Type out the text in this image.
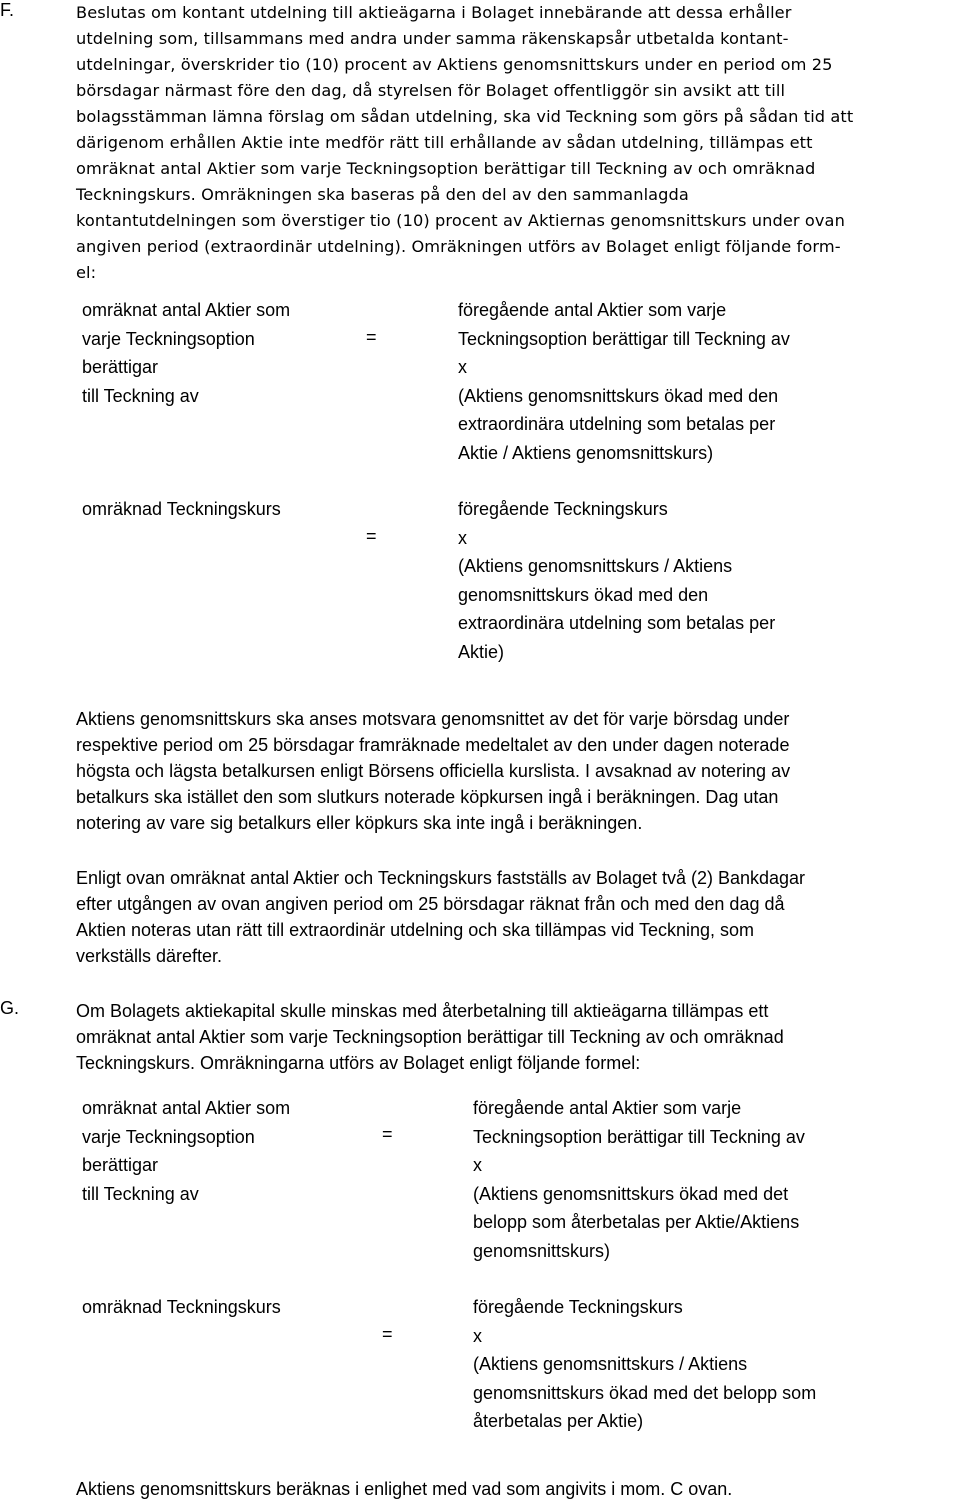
F.	Beslutas om kontant utdelning till aktieägarna i Bolaget innebärande att dessa erhåller
utdelning som, tillsammans med andra under samma räkenskapsår utbetalda kontant-
utdelningar, överskrider tio (10) procent av Aktiens genomsnittskurs under en period om 25
börsdagar närmast före den dag, då styrelsen för Bolaget offentliggör sin avsikt att till
bolagsstämman lämna förslag om sådan utdelning, ska vid Teckning som görs på sådan tid att
därigenom erhållen Aktie inte medför rätt till erhållande av sådan utdelning, tillämpas ett
omräknat antal Aktier som varje Teckningsoption berättigar till Teckning av och omräknad
Teckningskurs. Omräkningen ska baseras på den del av den sammanlagda
kontantutdelningen som överstiger tio (10) procent av Aktiernas genomsnittskurs under ovan
angiven period (extraordinär utdelning). Omräkningen utförs av Bolaget enligt följande form-
el:
omräknat antal Aktier som
varje Teckningsoption
berättigar
till Teckning av
=
föregående antal Aktier som varje
Teckningsoption berättigar till Teckning av
x
(Aktiens genomsnittskurs ökad med den
extraordinära utdelning som betalas per
Aktie / Aktiens genomsnittskurs)
omräknad Teckningskurs
=
föregående Teckningskurs
x
(Aktiens genomsnittskurs / Aktiens
genomsnittskurs ökad med den
extraordinära utdelning som betalas per
Aktie)
Aktiens genomsnittskurs ska anses motsvara genomsnittet av det för varje börsdag under
respektive period om 25 börsdagar framräknade medeltalet av den under dagen noterade
högsta och lägsta betalkursen enligt Börsens officiella kurslista. I avsaknad av notering av
betalkurs ska istället den som slutkurs noterade köpkursen ingå i beräkningen. Dag utan
notering av vare sig betalkurs eller köpkurs ska inte ingå i beräkningen.
Enligt ovan omräknat antal Aktier och Teckningskurs fastställs av Bolaget två (2) Bankdagar
efter utgången av ovan angiven period om 25 börsdagar räknat från och med den dag då
Aktien noteras utan rätt till extraordinär utdelning och ska tillämpas vid Teckning, som
verkställs därefter.
G.	Om Bolagets aktiekapital skulle minskas med återbetalning till aktieägarna tillämpas ett
omräknat antal Aktier som varje Teckningsoption berättigar till Teckning av och omräknad
Teckningskurs. Omräkningarna utförs av Bolaget enligt följande formel:
omräknat antal Aktier som
varje Teckningsoption
berättigar
till Teckning av
=
föregående antal Aktier som varje
Teckningsoption berättigar till Teckning av
x
(Aktiens genomsnittskurs ökad med det
belopp som återbetalas per Aktie/Aktiens
genomsnittskurs)
omräknad Teckningskurs
=
föregående Teckningskurs
x
(Aktiens genomsnittskurs / Aktiens
genomsnittskurs ökad med det belopp som
återbetalas per Aktie)
Aktiens genomsnittskurs beräknas i enlighet med vad som angivits i mom. C ovan.
